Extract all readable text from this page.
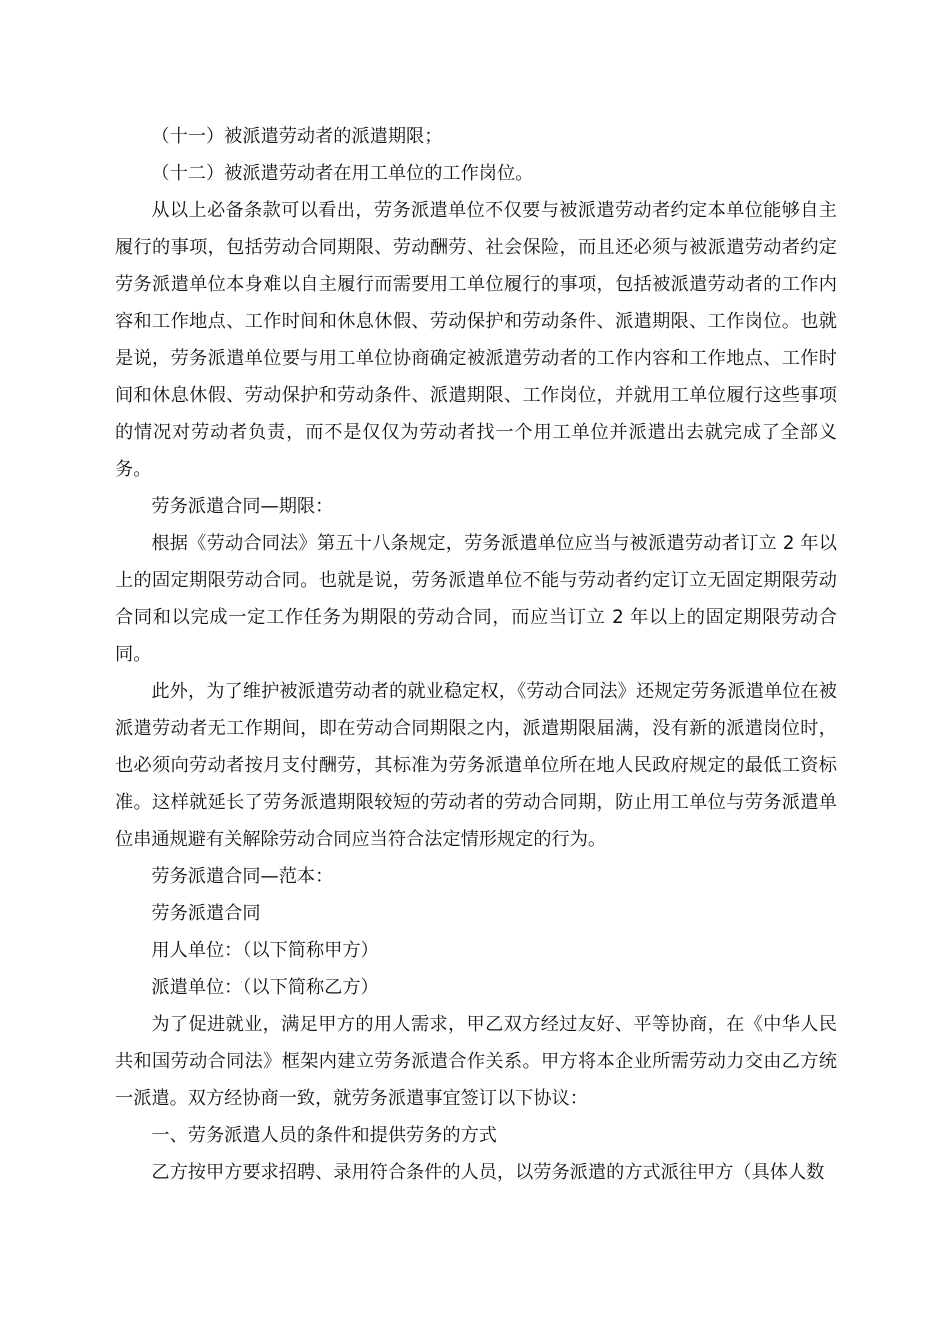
（十一）被派遣劳动者的派遣期限；

（十二）被派遣劳动者在用工单位的工作岗位。

从以上必备条款可以看出，劳务派遣单位不仅要与被派遣劳动者约定本单位能够自主履行的事项，包括劳动合同期限、劳动酬劳、社会保险，而且还必须与被派遣劳动者约定劳务派遣单位本身难以自主履行而需要用工单位履行的事项，包括被派遣劳动者的工作内容和工作地点、工作时间和休息休假、劳动保护和劳动条件、派遣期限、工作岗位。也就是说，劳务派遣单位要与用工单位协商确定被派遣劳动者的工作内容和工作地点、工作时间和休息休假、劳动保护和劳动条件、派遣期限、工作岗位，并就用工单位履行这些事项的情况对劳动者负责，而不是仅仅为劳动者找一个用工单位并派遣出去就完成了全部义务。

劳务派遣合同—期限：

根据《劳动合同法》第五十八条规定，劳务派遣单位应当与被派遣劳动者订立 2 年以上的固定期限劳动合同。也就是说，劳务派遣单位不能与劳动者约定订立无固定期限劳动合同和以完成一定工作任务为期限的劳动合同，而应当订立 2 年以上的固定期限劳动合同。

此外，为了维护被派遣劳动者的就业稳定权，《劳动合同法》还规定劳务派遣单位在被派遣劳动者无工作期间，即在劳动合同期限之内，派遣期限届满，没有新的派遣岗位时，也必须向劳动者按月支付酬劳，其标准为劳务派遣单位所在地人民政府规定的最低工资标准。这样就延长了劳务派遣期限较短的劳动者的劳动合同期，防止用工单位与劳务派遣单位串通规避有关解除劳动合同应当符合法定情形规定的行为。

劳务派遣合同—范本：

劳务派遣合同

用人单位：（以下简称甲方）

派遣单位：（以下简称乙方）

为了促进就业，满足甲方的用人需求，甲乙双方经过友好、平等协商，在《中华人民共和国劳动合同法》框架内建立劳务派遣合作关系。甲方将本企业所需劳动力交由乙方统一派遣。双方经协商一致，就劳务派遣事宜签订以下协议：

一、劳务派遣人员的条件和提供劳务的方式

乙方按甲方要求招聘、录用符合条件的人员，以劳务派遣的方式派往甲方（具体人数
